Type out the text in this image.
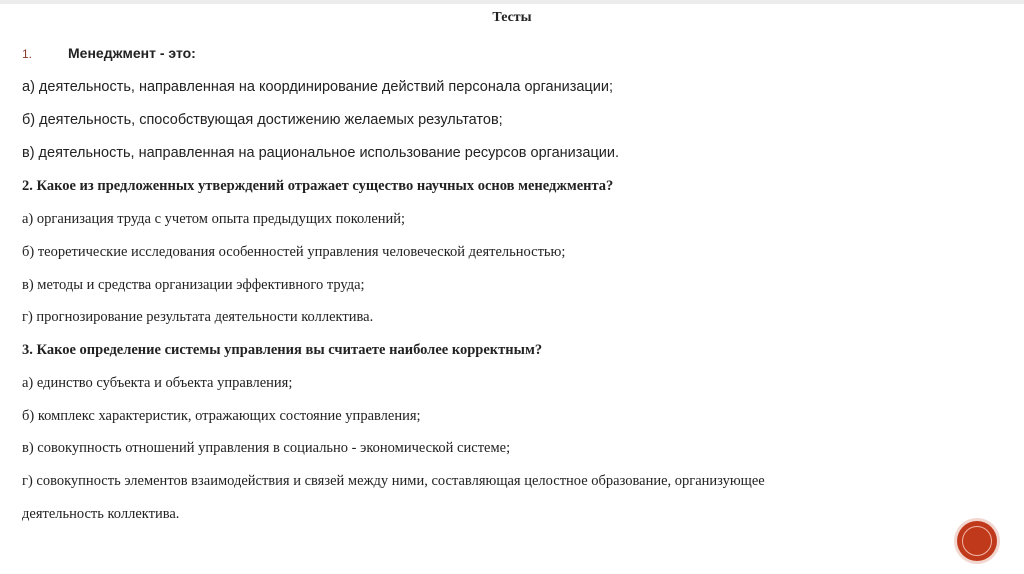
Тесты
1.	Менеджмент - это:
а) деятельность, направленная на координирование действий персонала организации;
б) деятельность, способствующая достижению желаемых результатов;
в) деятельность, направленная на рациональное использование ресурсов организации.
2. Какое из предложенных утверждений отражает существо научных основ менеджмента?
а) организация труда с учетом опыта предыдущих поколений;
б) теоретические исследования особенностей управления человеческой деятельностью;
в) методы и средства организации эффективного труда;
г) прогнозирование результата деятельности коллектива.
3. Какое определение системы управления вы считаете наиболее корректным?
а) единство субъекта и объекта управления;
б) комплекс характеристик, отражающих состояние управления;
в) совокупность отношений управления в социально - экономической системе;
г) совокупность элементов взаимодействия и связей между ними, составляющая целостное образование, организующее
деятельность коллектива.
